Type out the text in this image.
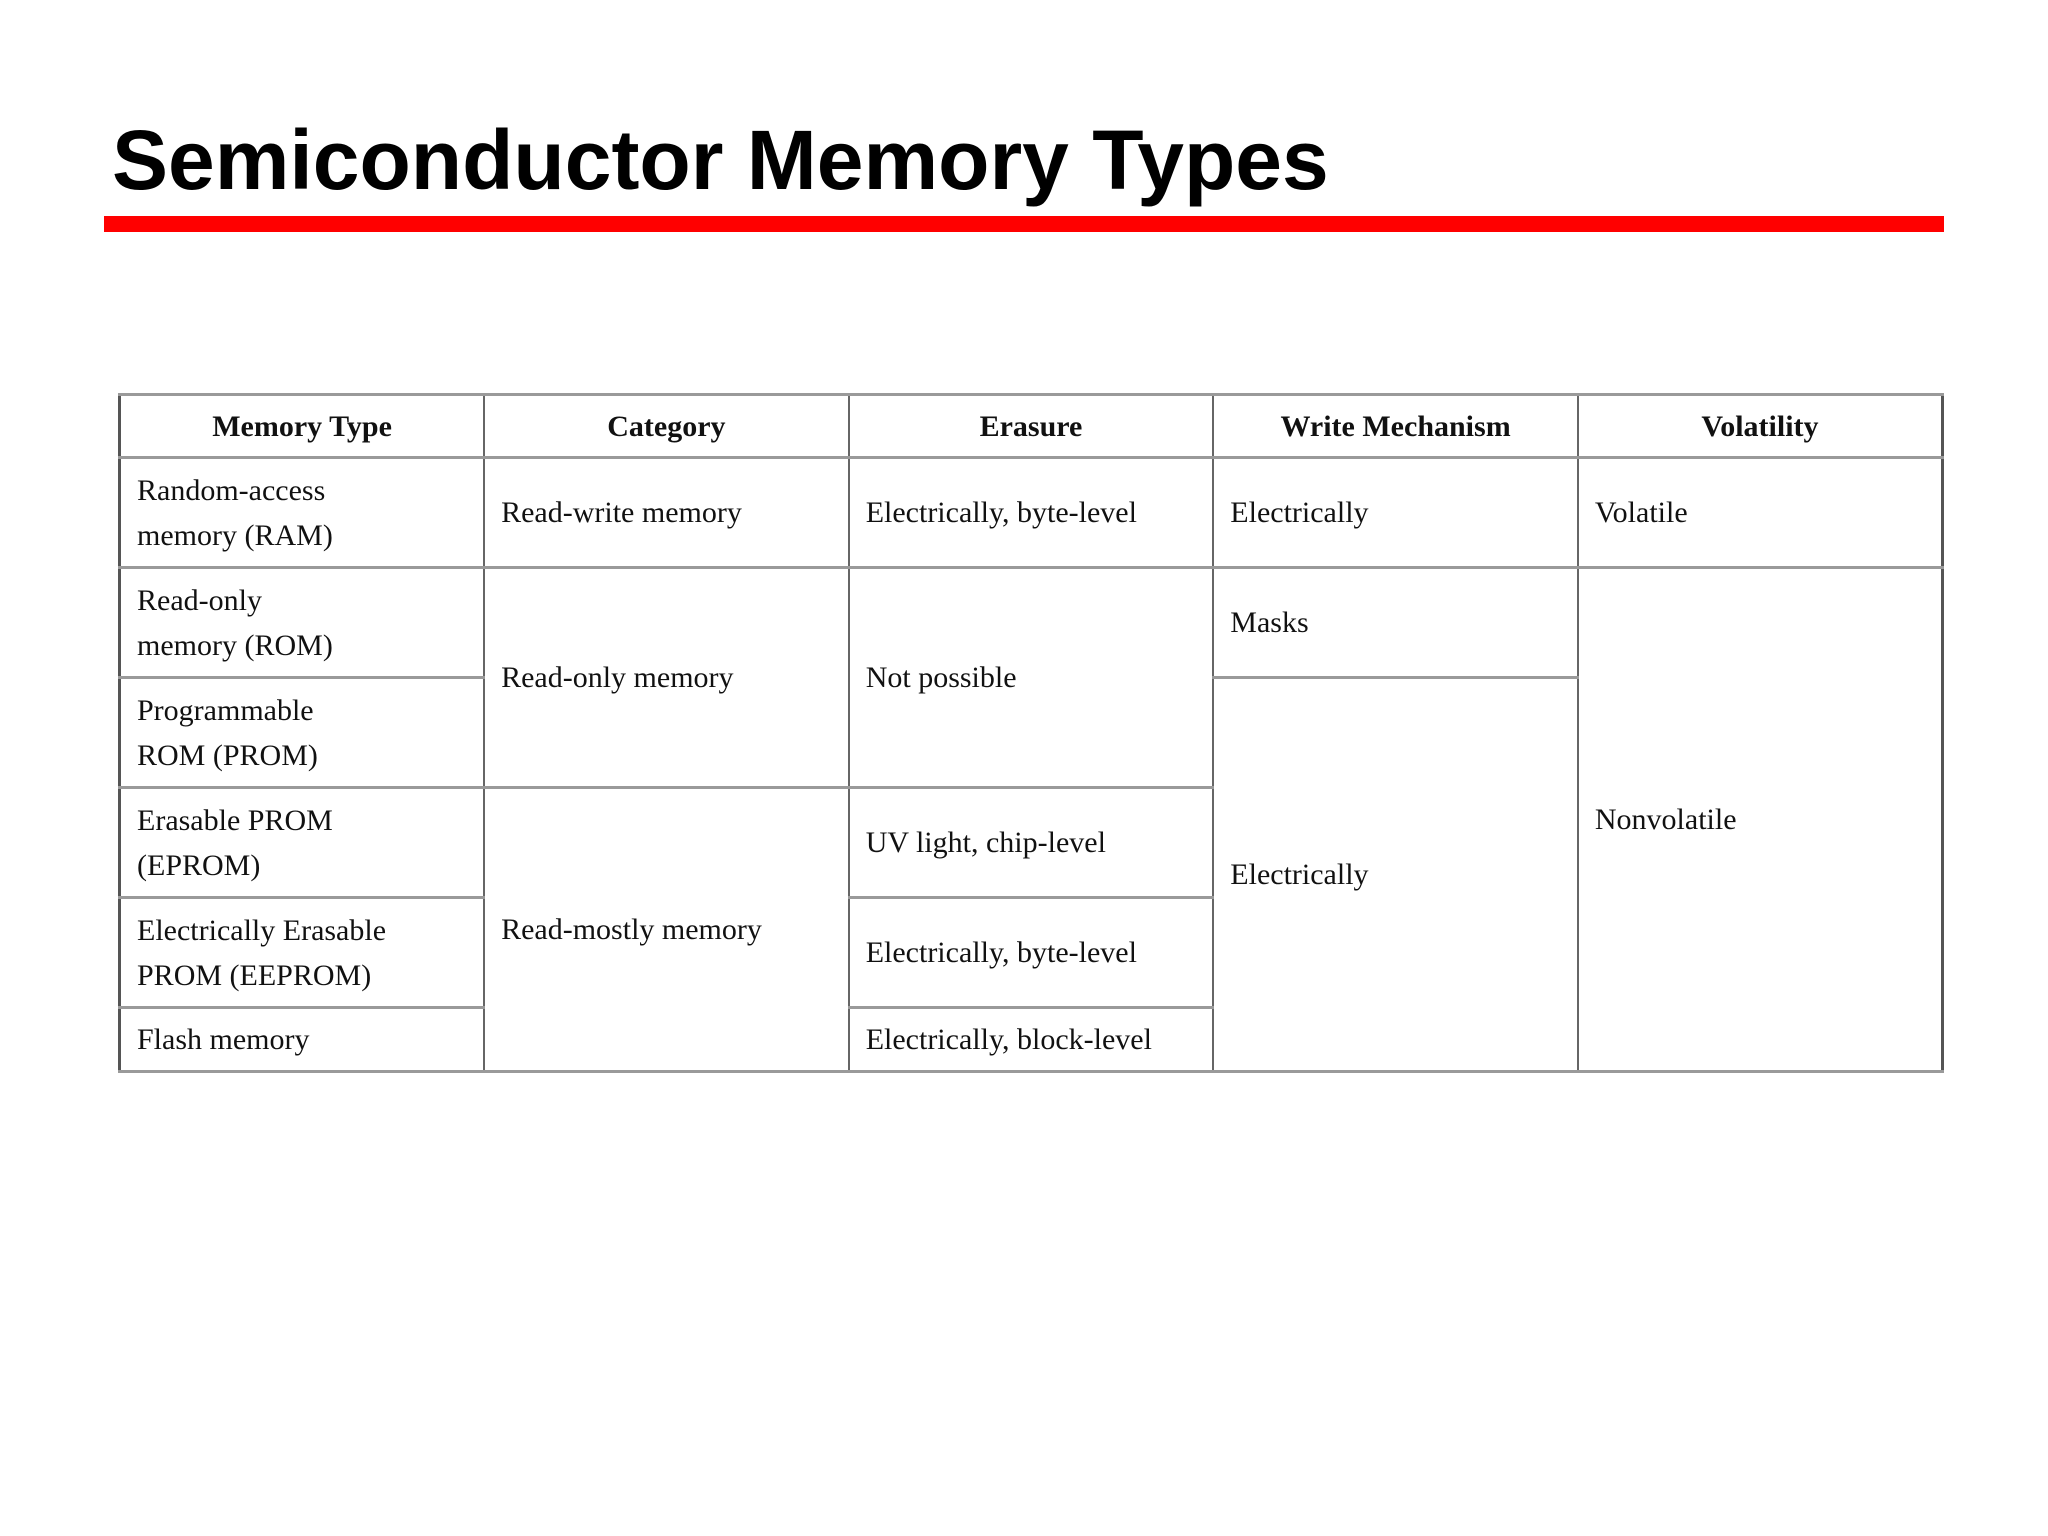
Semiconductor Memory Types
Memory Type	Category	Erasure	Write Mechanism	Volatility
Random-access
memory (RAM)	Read-write memory	Electrically, byte-level	Electrically	Volatile
Read-only
memory (ROM)	Read-only memory	Not possible	Masks	Nonvolatile
Programmable
ROM (PROM)			Electrically	
Erasable PROM
(EPROM)	Read-mostly memory	UV light, chip-level		
Electrically Erasable
PROM (EEPROM)		Electrically, byte-level		
Flash memory		Electrically, block-level		
